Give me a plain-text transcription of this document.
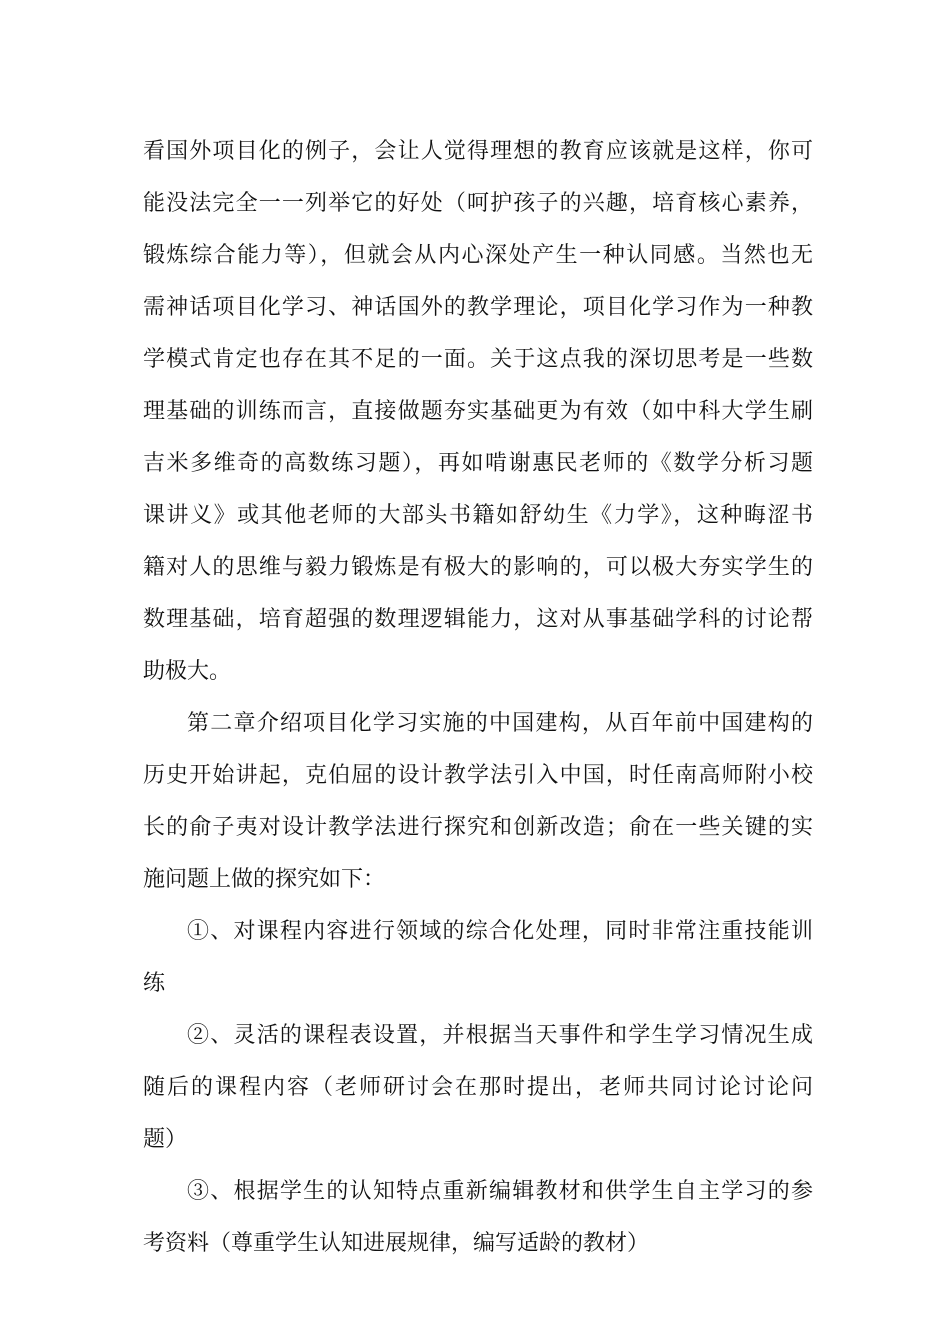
看国外项目化的例子，会让人觉得理想的教育应该就是这样，你可
能没法完全一一列举它的好处（呵护孩子的兴趣，培育核心素养，
锻炼综合能力等），但就会从内心深处产生一种认同感。当然也无
需神话项目化学习、神话国外的教学理论，项目化学习作为一种教
学模式肯定也存在其不足的一面。关于这点我的深切思考是一些数
理基础的训练而言，直接做题夯实基础更为有效（如中科大学生刷
吉米多维奇的高数练习题），再如啃谢惠民老师的《数学分析习题
课讲义》或其他老师的大部头书籍如舒幼生《力学》，这种晦涩书
籍对人的思维与毅力锻炼是有极大的影响的，可以极大夯实学生的
数理基础，培育超强的数理逻辑能力，这对从事基础学科的讨论帮
助极大。
第二章介绍项目化学习实施的中国建构，从百年前中国建构的
历史开始讲起，克伯屈的设计教学法引入中国，时任南高师附小校
长的俞子夷对设计教学法进行探究和创新改造；俞在一些关键的实
施问题上做的探究如下：
①、对课程内容进行领域的综合化处理，同时非常注重技能训
练
②、灵活的课程表设置，并根据当天事件和学生学习情况生成
随后的课程内容（老师研讨会在那时提出，老师共同讨论讨论问
题）
③、根据学生的认知特点重新编辑教材和供学生自主学习的参
考资料（尊重学生认知进展规律，编写适龄的教材）
